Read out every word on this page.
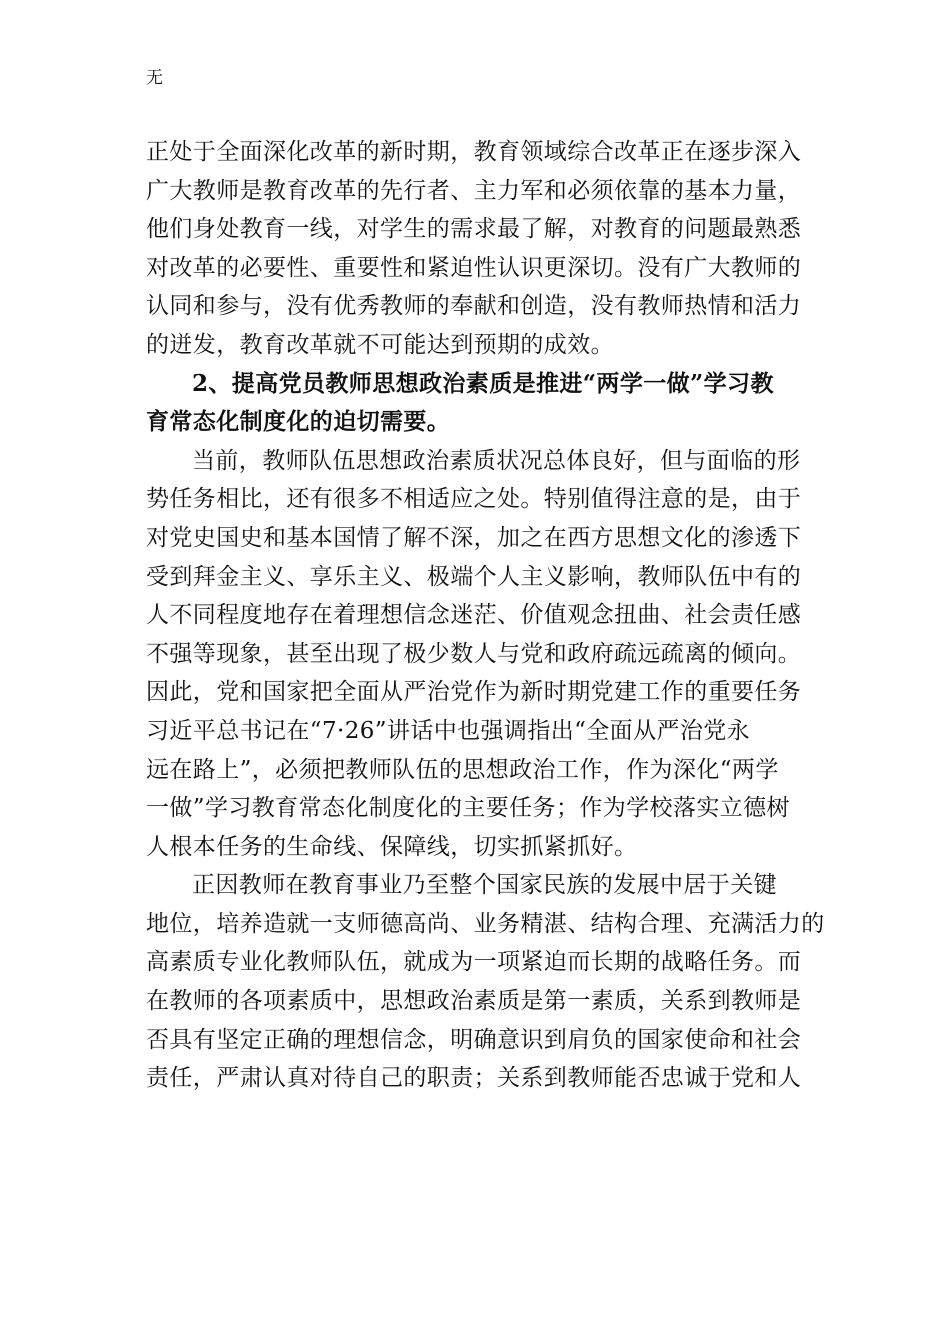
无
正处于全面深化改革的新时期，教育领域综合改革正在逐步深入
广大教师是教育改革的先行者、主力军和必须依靠的基本力量，
他们身处教育一线，对学生的需求最了解，对教育的问题最熟悉
对改革的必要性、重要性和紧迫性认识更深切。没有广大教师的
认同和参与，没有优秀教师的奉献和创造，没有教师热情和活力
的迸发，教育改革就不可能达到预期的成效。
2、提高党员教师思想政治素质是推进“两学一做”学习教
育常态化制度化的迫切需要。
当前，教师队伍思想政治素质状况总体良好，但与面临的形
势任务相比，还有很多不相适应之处。特别值得注意的是，由于
对党史国史和基本国情了解不深，加之在西方思想文化的渗透下
受到拜金主义、享乐主义、极端个人主义影响，教师队伍中有的
人不同程度地存在着理想信念迷茫、价值观念扭曲、社会责任感
不强等现象，甚至出现了极少数人与党和政府疏远疏离的倾向。
因此，党和国家把全面从严治党作为新时期党建工作的重要任务
习近平总书记在“7·26”讲话中也强调指出“全面从严治党永
远在路上”，必须把教师队伍的思想政治工作，作为深化“两学
一做”学习教育常态化制度化的主要任务；作为学校落实立德树
人根本任务的生命线、保障线，切实抓紧抓好。
正因教师在教育事业乃至整个国家民族的发展中居于关键
地位，培养造就一支师德高尚、业务精湛、结构合理、充满活力的
高素质专业化教师队伍，就成为一项紧迫而长期的战略任务。而
在教师的各项素质中，思想政治素质是第一素质，关系到教师是
否具有坚定正确的理想信念，明确意识到肩负的国家使命和社会
责任，严肃认真对待自己的职责；关系到教师能否忠诚于党和人
